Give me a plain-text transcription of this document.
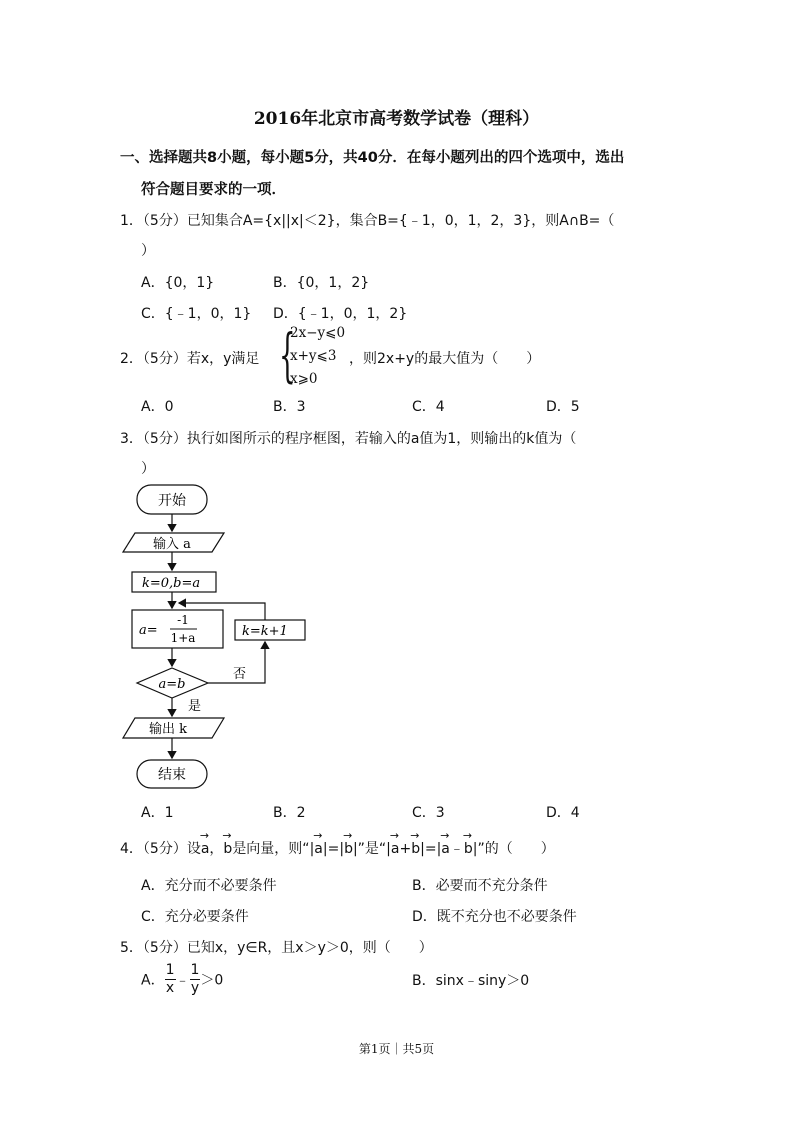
2016年北京市高考数学试卷（理科）
一、选择题共8小题，每小题5分，共40分．在每小题列出的四个选项中，选出
符合题目要求的一项．
1．（5分）已知集合A={x||x|＜2}，集合B={﹣1，0，1，2，3}，则A∩B=（
）
A．{0，1}	B．{0，1，2}
C．{﹣1，0，1} D．{﹣1，0，1，2}
2．（5分）若x，y满足 {
2x−y⩽0
x+y⩽3
x⩾0
，则2x+y的最大值为（　　）
A．0	B．3	C．4	D．5
3．（5分）执行如图所示的程序框图，若输入的a值为1，则输出的k值为（
）
开始
输入 a
k=0,b=a
a=
-1
1+a	k=k+1
a=b
否
是
输出 k
结束
A．1	B．2	C．3	D．4
4．（5分）设→ a，→ b是向量，则“|→ a|=|→ b|”是“|→ a+→ b|=|→ a﹣→ b|”的（　　）
A．充分而不必要条件	B．必要而不充分条件
C．充分必要条件	D．既不充分也不必要条件
5．（5分）已知x，y∈R，且x＞y＞0，则（　　）
A． $\frac{1}{x}$ ﹣ $\frac{1}{y} >0$	B．sinx﹣siny＞0
第1页｜共5页
